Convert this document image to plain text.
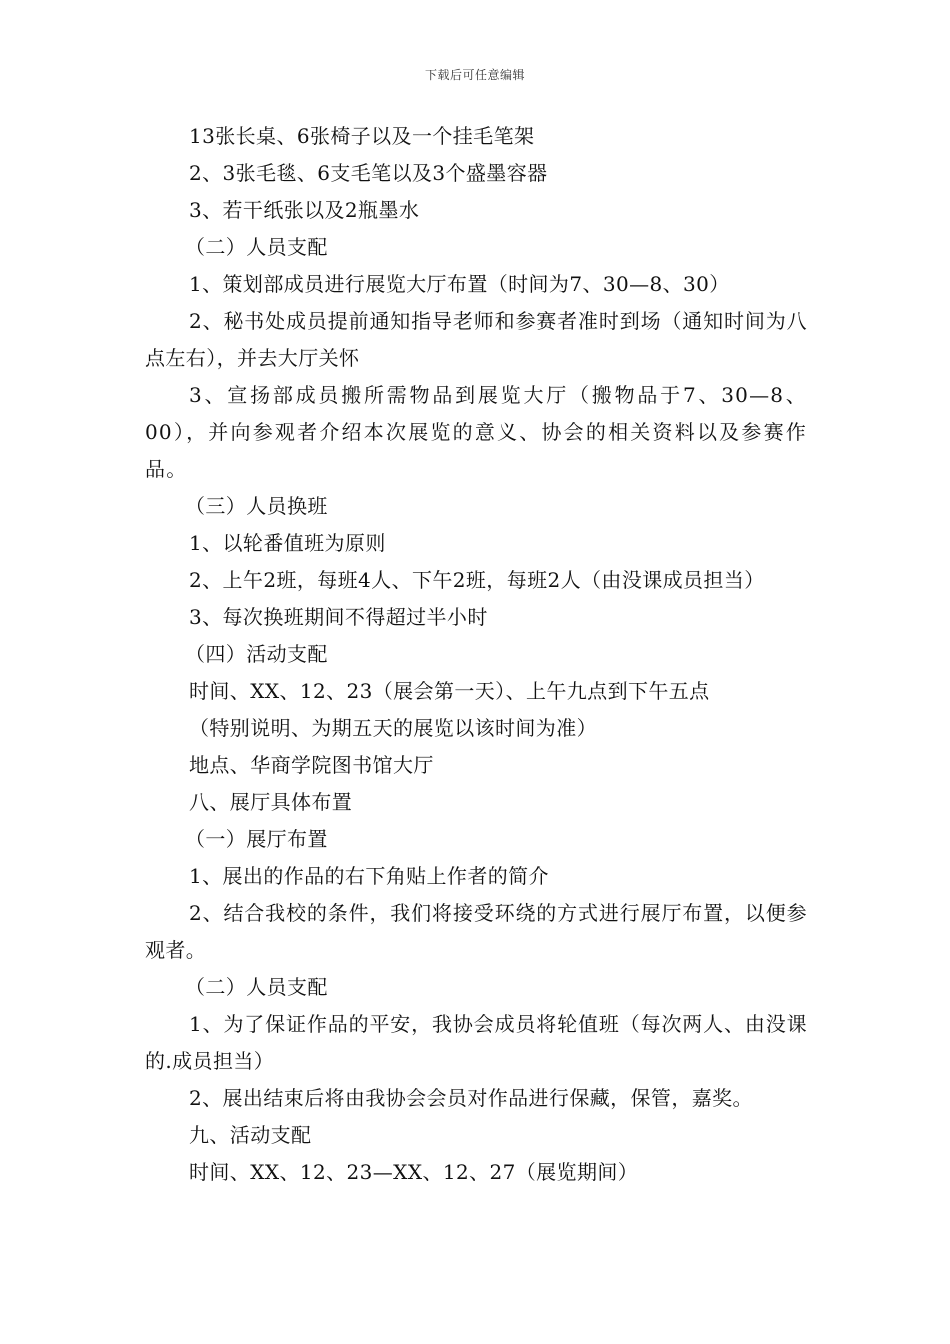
下载后可任意编辑

13张长桌、6张椅子以及一个挂毛笔架

2、3张毛毯、6支毛笔以及3个盛墨容器

3、若干纸张以及2瓶墨水

（二）人员支配

1、策划部成员进行展览大厅布置（时间为7、30—8、30）

2、秘书处成员提前通知指导老师和参赛者准时到场（通知时间为八点左右），并去大厅关怀

3、宣扬部成员搬所需物品到展览大厅（搬物品于7、30—8、00），并向参观者介绍本次展览的意义、协会的相关资料以及参赛作品。

（三）人员换班

1、以轮番值班为原则

2、上午2班，每班4人、下午2班，每班2人（由没课成员担当）

3、每次换班期间不得超过半小时

（四）活动支配

时间、XX、12、23（展会第一天）、上午九点到下午五点

（特别说明、为期五天的展览以该时间为准）

地点、华商学院图书馆大厅

八、展厅具体布置

（一）展厅布置

1、展出的作品的右下角贴上作者的简介

2、结合我校的条件，我们将接受环绕的方式进行展厅布置，以便参观者。

（二）人员支配

1、为了保证作品的平安，我协会成员将轮值班（每次两人、由没课的.成员担当）

2、展出结束后将由我协会会员对作品进行保藏，保管，嘉奖。

九、活动支配

时间、XX、12、23—XX、12、27（展览期间）
